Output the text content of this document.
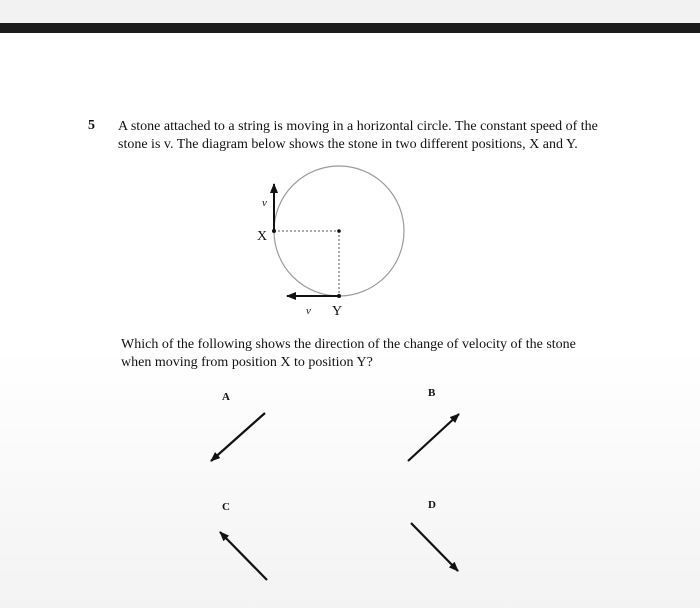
5 A stone attached to a string is moving in a horizontal circle. The constant speed of the
stone is v. The diagram below shows the stone in two different positions, X and Y.
v
X
v Y
A	B
C	D
Which of the following shows the direction of the change of velocity of the stone
when moving from position X to position Y?
